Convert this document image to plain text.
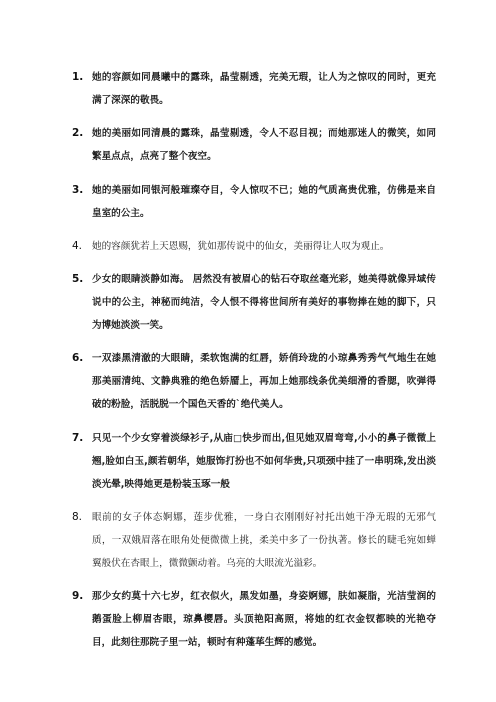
1. 她的容颜如同晨曦中的露珠，晶莹剔透，完美无瑕，让人为之惊叹的同时，更充满了深深的敬畏。
2. 她的美丽如同清晨的露珠，晶莹剔透，令人不忍目视；而她那迷人的微笑，如同繁星点点，点亮了整个夜空。
3. 她的美丽如同银河般璀璨夺目，令人惊叹不已；她的气质高贵优雅，仿佛是来自皇室的公主。
4. 她的容颜犹若上天恩赐，犹如那传说中的仙女，美丽得让人叹为观止。
5. 少女的眼睛淡静如海。 居然没有被眉心的钻石夺取丝毫光彩，她美得就像异域传说中的公主，神秘而纯洁，令人恨不得将世间所有美好的事物捧在她的脚下，只为博她淡淡一笑。
6. 一双漆黑清澈的大眼睛，柔软饱满的红唇，娇俏玲珑的小琼鼻秀秀气气地生在她那美丽清纯、文静典雅的绝色娇靥上，再加上她那线条优美细滑的香腮，吹弹得破的粉脸，活脱脱一个国色天香的`绝代美人。
7. 只见一个少女穿着淡绿衫子,从庙□快步而出,但见她双眉弯弯,小小的鼻子微微上翘,脸如白玉,颜若朝华，她服饰打扮也不如何华贵,只项颈中挂了一串明珠,发出淡淡光晕,映得她更是粉装玉琢一般
8. 眼前的女子体态婀娜，莲步优雅，一身白衣刚刚好衬托出她干净无瑕的无邪气质，一双娥眉落在眼角处便微微上挑，柔美中多了一份执著。修长的睫毛宛如蝉翼般伏在杏眼上，微微颤动着。乌亮的大眼流光溢彩。
9. 那少女约莫十六七岁，红衣似火，黑发如墨，身姿婀娜，肤如凝脂，光洁莹润的鹅蛋脸上柳眉杏眼，琼鼻樱唇。头顶艳阳高照，将她的红衣金钗都映的光艳夺目，此刻往那院子里一站，顿时有种蓬荜生辉的感觉。
